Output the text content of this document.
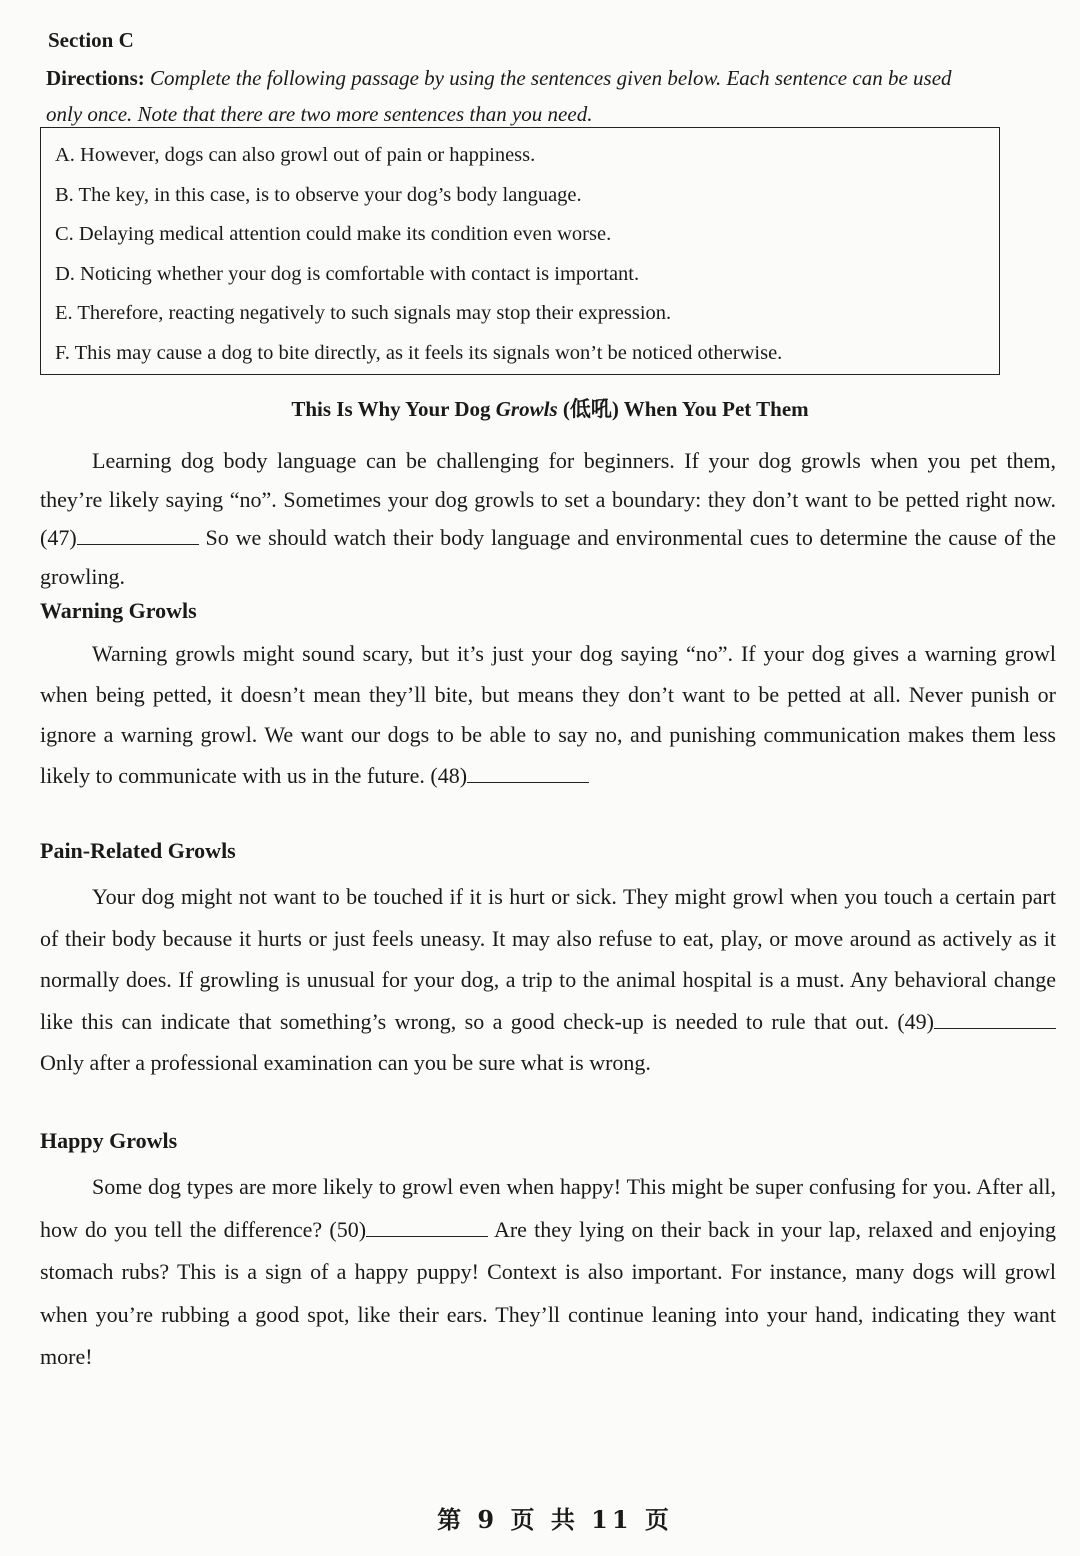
Section C
Directions: Complete the following passage by using the sentences given below. Each sentence can be used only once. Note that there are two more sentences than you need.
A. However, dogs can also growl out of pain or happiness.
B. The key, in this case, is to observe your dog’s body language.
C. Delaying medical attention could make its condition even worse.
D. Noticing whether your dog is comfortable with contact is important.
E. Therefore, reacting negatively to such signals may stop their expression.
F. This may cause a dog to bite directly, as it feels its signals won’t be noticed otherwise.
This Is Why Your Dog Growls (低吼) When You Pet Them
Learning dog body language can be challenging for beginners. If your dog growls when you pet them, they’re likely saying “no”. Sometimes your dog growls to set a boundary: they don’t want to be petted right now. (47)	So we should watch their body language and environmental cues to determine the cause of the growling.
Warning Growls
Warning growls might sound scary, but it’s just your dog saying “no”. If your dog gives a warning growl when being petted, it doesn’t mean they’ll bite, but means they don’t want to be petted at all. Never punish or ignore a warning growl. We want our dogs to be able to say no, and punishing communication makes them less likely to communicate with us in the future. (48)
Pain-Related Growls
Your dog might not want to be touched if it is hurt or sick. They might growl when you touch a certain part of their body because it hurts or just feels uneasy. It may also refuse to eat, play, or move around as actively as it normally does. If growling is unusual for your dog, a trip to the animal hospital is a must. Any behavioral change like this can indicate that something’s wrong, so a good check-up is needed to rule that out. (49) Only after a professional examination can you be sure what is wrong.
Happy Growls
Some dog types are more likely to growl even when happy! This might be super confusing for you. After all, how do you tell the difference? (50)	Are they lying on their back in your lap, relaxed and enjoying stomach rubs? This is a sign of a happy puppy! Context is also important. For instance, many dogs will growl when you’re rubbing a good spot, like their ears. They’ll continue leaning into your hand, indicating they want more!
第 9 页 共 11 页
